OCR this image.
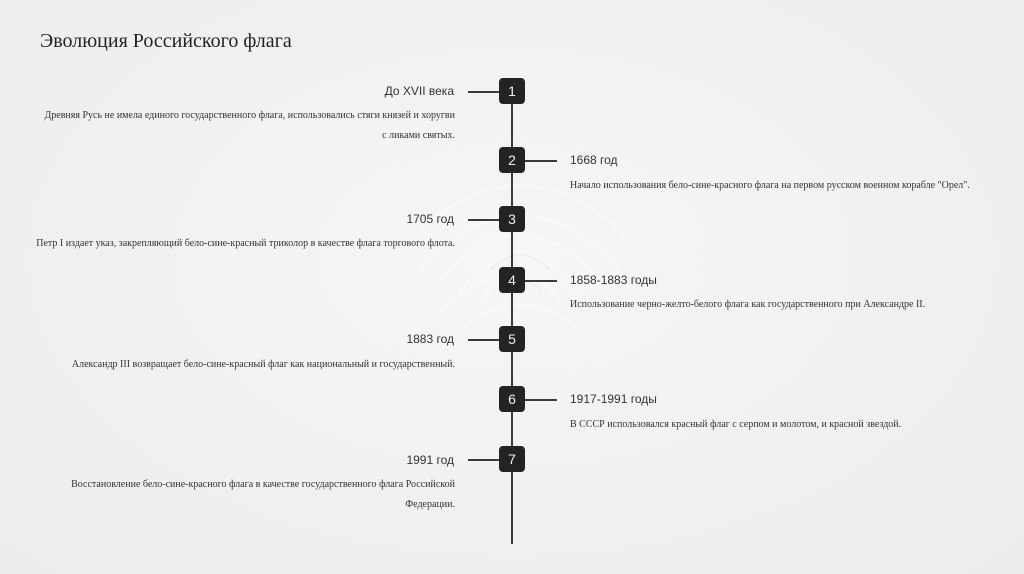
Эволюция Российского флага
1
До XVII века
Древняя Русь не имела единого государственного флага, использовались стяги князей и хоругви с ликами святых.
2	1668 год
Начало использования бело-сине-красного флага на первом русском военном корабле "Орел".
3
1705 год
Петр I издает указ, закрепляющий бело-сине-красный триколор в качестве флага торгового флота.
4	1858-1883 годы
Использование черно-желто-белого флага как государственного при Александре II.
5
1883 год
Александр III возвращает бело-сине-красный флаг как национальный и государственный.
6	1917-1991 годы
В СССР использовался красный флаг с серпом и молотом, и красной звездой.
7
1991 год
Восстановление бело-сине-красного флага в качестве государственного флага Российской Федерации.
